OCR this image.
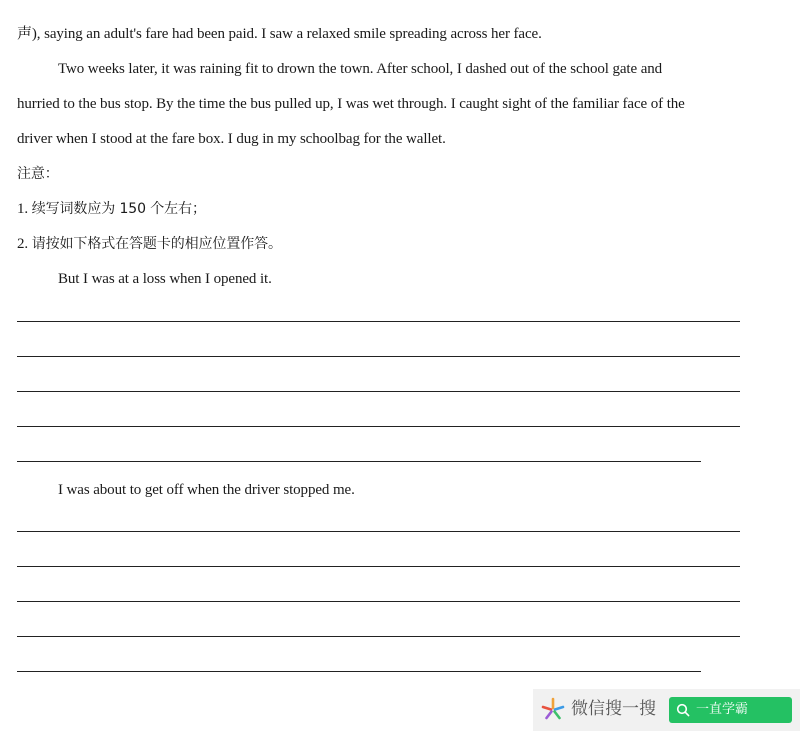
声), saying an adult's fare had been paid. I saw a relaxed smile spreading across her face.
Two weeks later, it was raining fit to drown the town. After school, I dashed out of the school gate and
hurried to the bus stop. By the time the bus pulled up, I was wet through. I caught sight of the familiar face of the
driver when I stood at the fare box. I dug in my schoolbag for the wallet.
注意：
1. 续写词数应为 150 个左右；
2. 请按如下格式在答题卡的相应位置作答。
But I was at a loss when I opened it.
I was about to get off when the driver stopped me.
微信搜一搜	一直学霸
